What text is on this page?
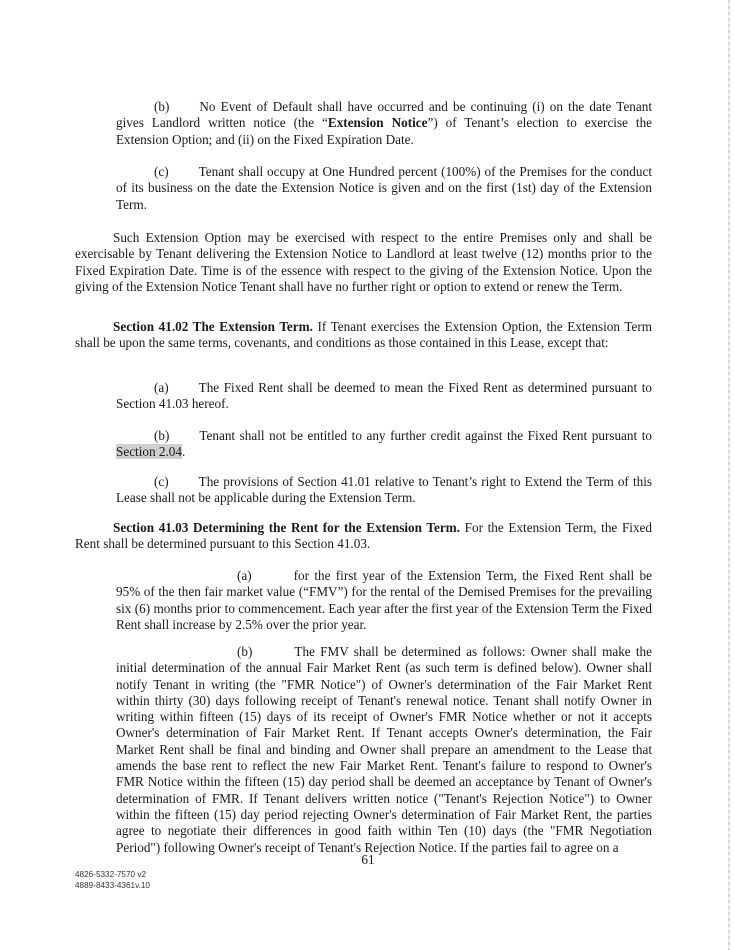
(b) No Event of Default shall have occurred and be continuing (i) on the date Tenant gives Landlord written notice (the “Extension Notice”) of Tenant’s election to exercise the Extension Option; and (ii) on the Fixed Expiration Date.

(c) Tenant shall occupy at One Hundred percent (100%) of the Premises for the conduct of its business on the date the Extension Notice is given and on the first (1st) day of the Extension Term.

Such Extension Option may be exercised with respect to the entire Premises only and shall be exercisable by Tenant delivering the Extension Notice to Landlord at least twelve (12) months prior to the Fixed Expiration Date. Time is of the essence with respect to the giving of the Extension Notice. Upon the giving of the Extension Notice Tenant shall have no further right or option to extend or renew the Term.

Section 41.02 The Extension Term. If Tenant exercises the Extension Option, the Extension Term shall be upon the same terms, covenants, and conditions as those contained in this Lease, except that:

(a) The Fixed Rent shall be deemed to mean the Fixed Rent as determined pursuant to Section 41.03 hereof.

(b) Tenant shall not be entitled to any further credit against the Fixed Rent pursuant to Section 2.04.

(c) The provisions of Section 41.01 relative to Tenant’s right to Extend the Term of this Lease shall not be applicable during the Extension Term.

Section 41.03 Determining the Rent for the Extension Term. For the Extension Term, the Fixed Rent shall be determined pursuant to this Section 41.03.

(a)	for the first year of the Extension Term, the Fixed Rent shall be 95% of the then fair market value (“FMV”) for the rental of the Demised Premises for the prevailing six (6) months prior to commencement. Each year after the first year of the Extension Term the Fixed Rent shall increase by 2.5% over the prior year.

(b)	The FMV shall be determined as follows: Owner shall make the initial determination of the annual Fair Market Rent (as such term is defined below). Owner shall notify Tenant in writing (the "FMR Notice") of Owner's determination of the Fair Market Rent within thirty (30) days following receipt of Tenant's renewal notice. Tenant shall notify Owner in writing within fifteen (15) days of its receipt of Owner's FMR Notice whether or not it accepts Owner's determination of Fair Market Rent. If Tenant accepts Owner's determination, the Fair Market Rent shall be final and binding and Owner shall prepare an amendment to the Lease that amends the base rent to reflect the new Fair Market Rent. Tenant's failure to respond to Owner's FMR Notice within the fifteen (15) day period shall be deemed an acceptance by Tenant of Owner's determination of FMR. If Tenant delivers written notice ("Tenant's Rejection Notice") to Owner within the fifteen (15) day period rejecting Owner's determination of Fair Market Rent, the parties agree to negotiate their differences in good faith within Ten (10) days (the "FMR Negotiation Period") following Owner's receipt of Tenant's Rejection Notice. If the parties fail to agree on a

61
4826-5332-7570 v2
4889-8433-4361v.10
